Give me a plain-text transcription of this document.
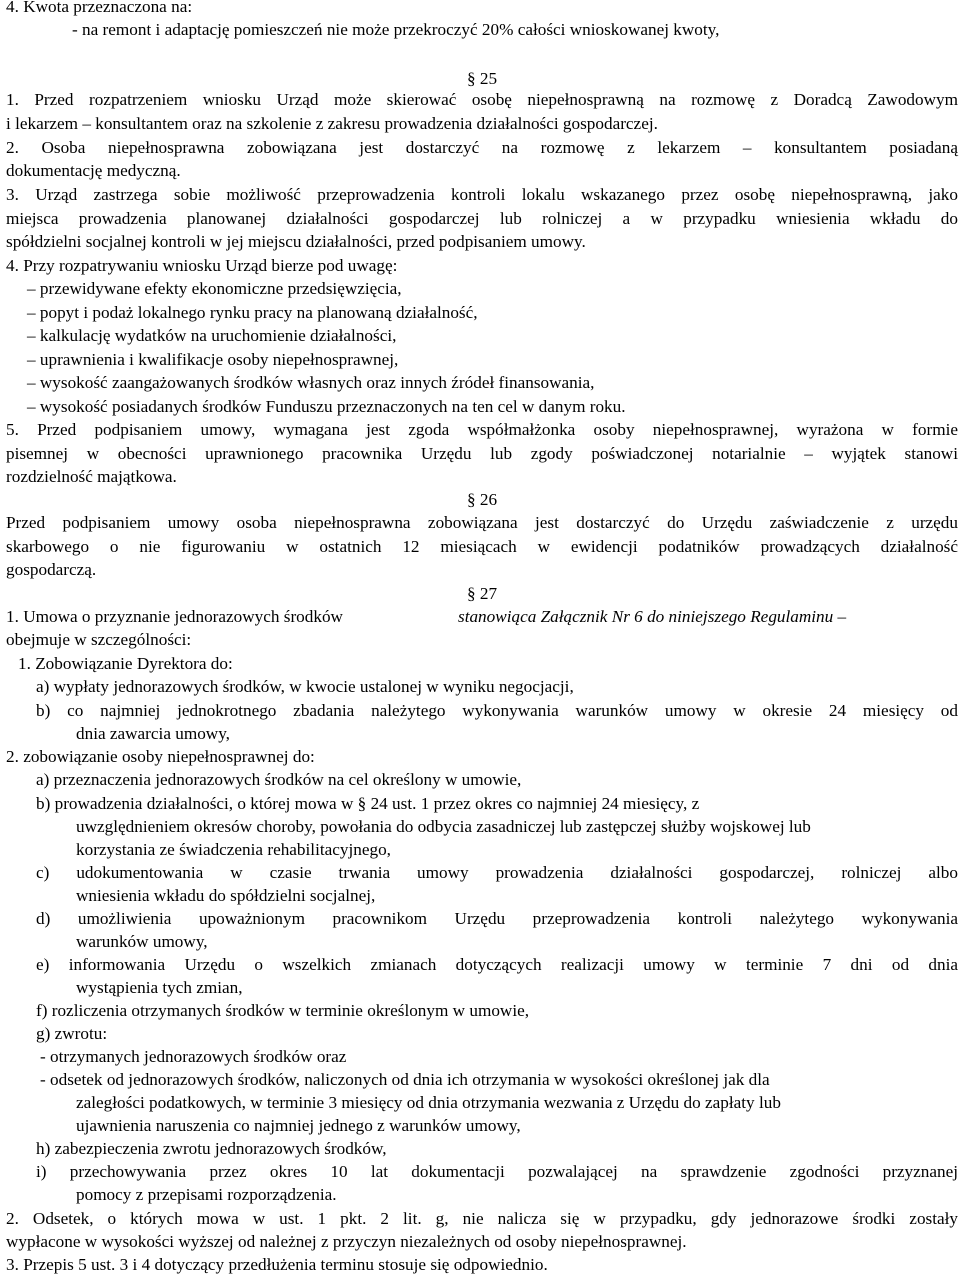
4. Kwota przeznaczona na:
- na remont i adaptację pomieszczeń nie może przekroczyć 20% całości wnioskowanej kwoty,
§ 25
1. Przed rozpatrzeniem wniosku Urząd może skierować osobę niepełnosprawną na rozmowę z Doradcą Zawodowym
i lekarzem – konsultantem oraz na szkolenie z zakresu prowadzenia działalności gospodarczej.
2. Osoba niepełnosprawna zobowiązana jest dostarczyć na rozmowę z lekarzem – konsultantem posiadaną
dokumentację medyczną.
3. Urząd zastrzega sobie możliwość przeprowadzenia kontroli lokalu wskazanego przez osobę niepełnosprawną, jako
miejsca prowadzenia planowanej działalności gospodarczej lub rolniczej a w przypadku wniesienia wkładu do
spółdzielni socjalnej kontroli w jej miejscu działalności, przed podpisaniem umowy.
4. Przy rozpatrywaniu wniosku Urząd bierze pod uwagę:
– przewidywane efekty ekonomiczne przedsięwzięcia,
– popyt i podaż lokalnego rynku pracy na planowaną działalność,
– kalkulację wydatków na uruchomienie działalności,
– uprawnienia i kwalifikacje osoby niepełnosprawnej,
– wysokość zaangażowanych środków własnych oraz innych źródeł finansowania,
– wysokość posiadanych środków Funduszu przeznaczonych na ten cel w danym roku.
5. Przed podpisaniem umowy, wymagana jest zgoda współmałżonka osoby niepełnosprawnej, wyrażona w formie
pisemnej w obecności uprawnionego pracownika Urzędu lub zgody poświadczonej notarialnie – wyjątek stanowi
rozdzielność majątkowa.
§ 26
Przed podpisaniem umowy osoba niepełnosprawna zobowiązana jest dostarczyć do Urzędu zaświadczenie z urzędu
skarbowego o nie figurowaniu w ostatnich 12 miesiącach w ewidencji podatników prowadzących działalność
gospodarczą.
§ 27
1. Umowa o przyznanie jednorazowych środków	stanowiąca Załącznik Nr 6 do niniejszego Regulaminu –
obejmuje w szczególności:
1. Zobowiązanie Dyrektora do:
a) wypłaty jednorazowych środków, w kwocie ustalonej w wyniku negocjacji,
b) co najmniej jednokrotnego zbadania należytego wykonywania warunków umowy w okresie 24 miesięcy od
dnia zawarcia umowy,
2. zobowiązanie osoby niepełnosprawnej do:
a) przeznaczenia jednorazowych środków na cel określony w umowie,
b) prowadzenia działalności, o której mowa w § 24 ust. 1 przez okres co najmniej 24 miesięcy, z
uwzględnieniem okresów choroby, powołania do odbycia zasadniczej lub zastępczej służby wojskowej lub
korzystania ze świadczenia rehabilitacyjnego,
c) udokumentowania w czasie trwania umowy prowadzenia działalności gospodarczej, rolniczej albo
wniesienia wkładu do spółdzielni socjalnej,
d) umożliwienia upoważnionym pracownikom Urzędu przeprowadzenia kontroli należytego wykonywania
warunków umowy,
e) informowania Urzędu o wszelkich zmianach dotyczących realizacji umowy w terminie 7 dni od dnia
wystąpienia tych zmian,
f) rozliczenia otrzymanych środków w terminie określonym w umowie,
g) zwrotu:
- otrzymanych jednorazowych środków oraz
- odsetek od jednorazowych środków, naliczonych od dnia ich otrzymania w wysokości określonej jak dla
zaległości podatkowych, w terminie 3 miesięcy od dnia otrzymania wezwania z Urzędu do zapłaty lub
ujawnienia naruszenia co najmniej jednego z warunków umowy,
h) zabezpieczenia zwrotu jednorazowych środków,
i) przechowywania przez okres 10 lat dokumentacji pozwalającej na sprawdzenie zgodności przyznanej
pomocy z przepisami rozporządzenia.
2. Odsetek, o których mowa w ust. 1 pkt. 2 lit. g, nie nalicza się w przypadku, gdy jednorazowe środki zostały
wypłacone w wysokości wyższej od należnej z przyczyn niezależnych od osoby niepełnosprawnej.
3. Przepis 5 ust. 3 i 4 dotyczący przedłużenia terminu stosuje się odpowiednio.
